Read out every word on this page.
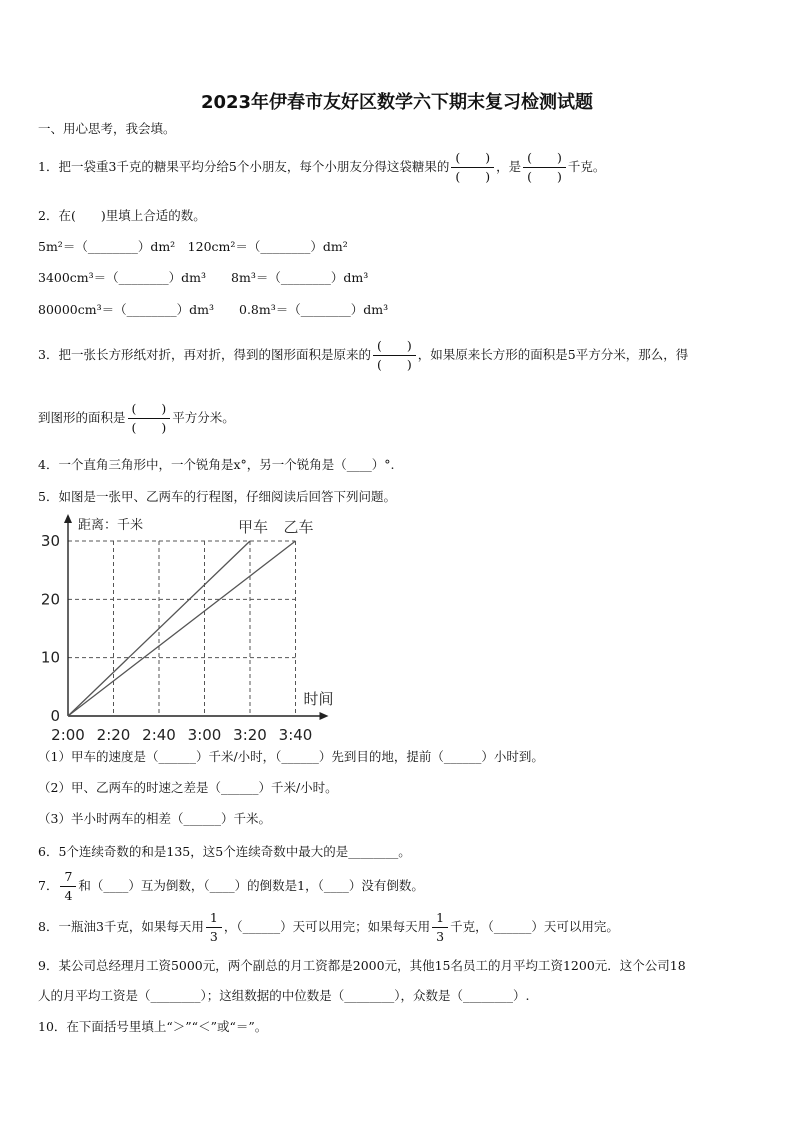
2023年伊春市友好区数学六下期末复习检测试题
一、用心思考，我会填。
1．把一袋重3千克的糖果平均分给5个小朋友，每个小朋友分得这袋糖果的 $\frac{( )}{( )}$ ，是 $\frac{( )}{( )}$ 千克。
2．在(　　)里填上合适的数。
5m²＝（________）dm²　120cm²＝（________）dm²
3400cm³＝（________）dm³　　8m³＝（________）dm³
80000cm³＝（________）dm³　　0.8m³＝（________）dm³
3．把一张长方形纸对折，再对折，得到的图形面积是原来的 $\frac{( )}{( )}$ ，如果原来长方形的面积是5平方分米，那么，得
到图形的面积是 $\frac{( )}{( )}$ 平方分米。
4．一个直角三角形中，一个锐角是x°，另一个锐角是（____）°.
5．如图是一张甲、乙两车的行程图，仔细阅读后回答下列问题。
甲车 乙车
0
10
20
30
2:00 2:20 2:40 3:00 3:20 3:40
距离：千米
时间
（1）甲车的速度是（______）千米/小时，（______）先到目的地，提前（______）小时到。
（2）甲、乙两车的时速之差是（______）千米/小时。
（3）半小时两车的相差（______）千米。
6．5个连续奇数的和是135，这5个连续奇数中最大的是________。
7． $\frac{7}{4}$ 和（____）互为倒数，（____）的倒数是1，（____）没有倒数。
8．一瓶油3千克，如果每天用 $\frac{1}{3}$ ，（______）天可以用完；如果每天用 $\frac{1}{3}$ 千克，（______）天可以用完。
9．某公司总经理月工资5000元，两个副总的月工资都是2000元，其他15名员工的月平均工资1200元．这个公司18
人的月平均工资是（________）；这组数据的中位数是（________），众数是（________）.
10．在下面括号里填上“＞”“＜”或“＝”。
